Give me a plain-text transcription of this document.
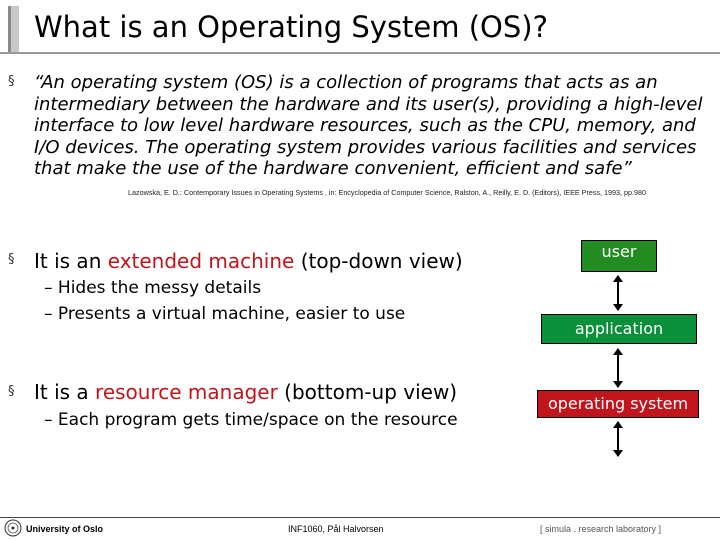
What is an Operating System (OS)?
§ “An operating system (OS) is a collection of programs that acts as an intermediary between the hardware and its user(s), providing a high-level interface to low level hardware resources, such as the CPU, memory, and I/O devices. The operating system provides various facilities and services that make the use of the hardware convenient, efficient and safe”

Lazowska, E. D.: Contemporary Issues in Operating Systems , in: Encyclopedia of Computer Science, Ralston, A., Reilly, E. D. (Editors), IEEE Press, 1993, pp.980
§ It is an extended machine (top-down view)
– Hides the messy details
– Presents a virtual machine, easier to use
§ It is a resource manager (bottom-up view)
– Each program gets time/space on the resource
user
application
operating system
University of Oslo	INF1060, Pål Halvorsen	[ simula . research laboratory ]
